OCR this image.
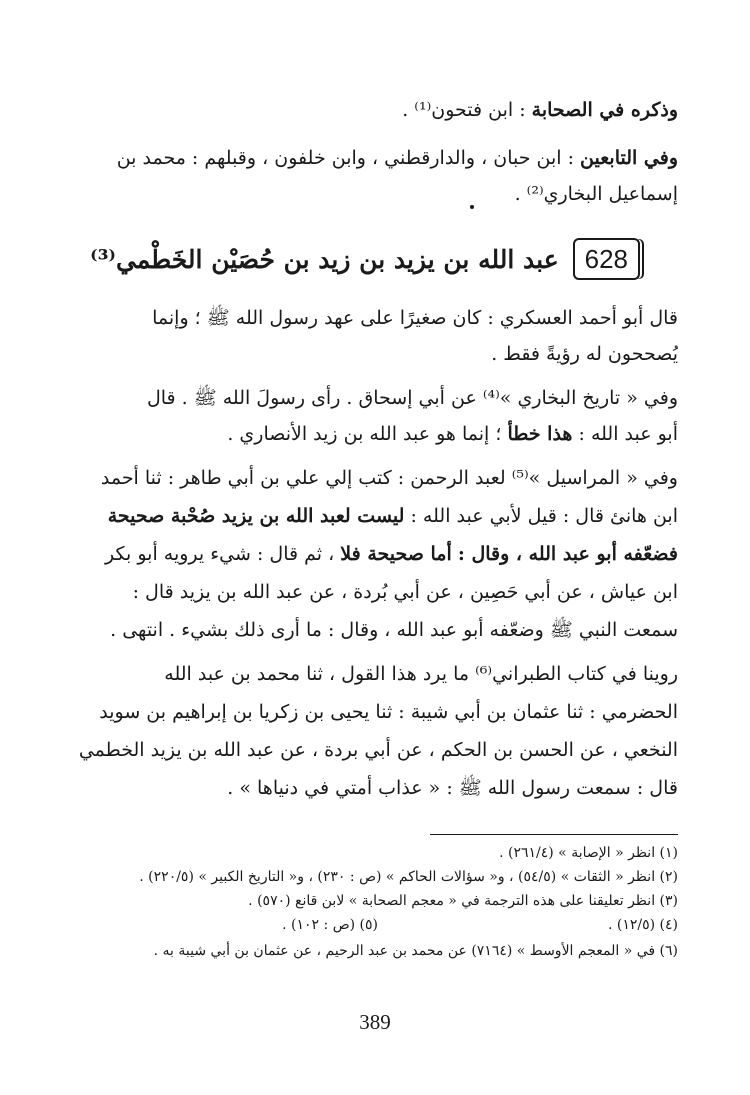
وذكره في الصحابة : ابن فتحون⁽¹⁾ .
وفي التابعين : ابن حبان ، والدارقطني ، وابن خلفون ، وقبلهم : محمد بن
إسماعيل البخاري⁽²⁾ .
628
عبد الله بن يزيد بن زيد بن حُصَيْن الخَطْمي⁽³⁾
قال أبو أحمد العسكري : كان صغيرًا على عهد رسول الله ﷺ ؛ وإنما
يُصححون له رؤيةً فقط .
وفي « تاريخ البخاري »⁽⁴⁾ عن أبي إسحاق . رأى رسولَ الله ﷺ . قال
أبو عبد الله : هذا خطأ ؛ إنما هو عبد الله بن زيد الأنصاري .
وفي « المراسيل »⁽⁵⁾ لعبد الرحمن : كتب إلي علي بن أبي طاهر : ثنا أحمد
ابن هانئ قال : قيل لأبي عبد الله : ليست لعبد الله بن يزيد صُحْبة صحيحة
فضعّفه أبو عبد الله ، وقال : أما صحيحة فلا ، ثم قال : شيء يرويه أبو بكر
ابن عياش ، عن أبي حَصِين ، عن أبي بُردة ، عن عبد الله بن يزيد قال :
سمعت النبي ﷺ وضعّفه أبو عبد الله ، وقال : ما أرى ذلك بشيء . انتهى .
روينا في كتاب الطبراني⁽⁶⁾ ما يرد هذا القول ، ثنا محمد بن عبد الله
الحضرمي : ثنا عثمان بن أبي شيبة : ثنا يحيى بن زكريا بن إبراهيم بن سويد
النخعي ، عن الحسن بن الحكم ، عن أبي بردة ، عن عبد الله بن يزيد الخطمي
قال : سمعت رسول الله ﷺ : « عذاب أمتي في دنياها » .
(١) انظر « الإصابة » (٢٦١/٤) .
(٢) انظر « الثقات » (٥٤/٥) ، و« سؤالات الحاكم » (ص : ٢٣٠) ، و« التاريخ الكبير » (٢٢٠/٥) .
(٣) انظر تعليقنا على هذه الترجمة في « معجم الصحابة » لابن قانع (٥٧٠) .
(٤) (١٢/٥) .
(٥) (ص : ١٠٢) .
(٦) في « المعجم الأوسط » (٧١٦٤) عن محمد بن عبد الرحيم ، عن عثمان بن أبي شيبة به .
389
